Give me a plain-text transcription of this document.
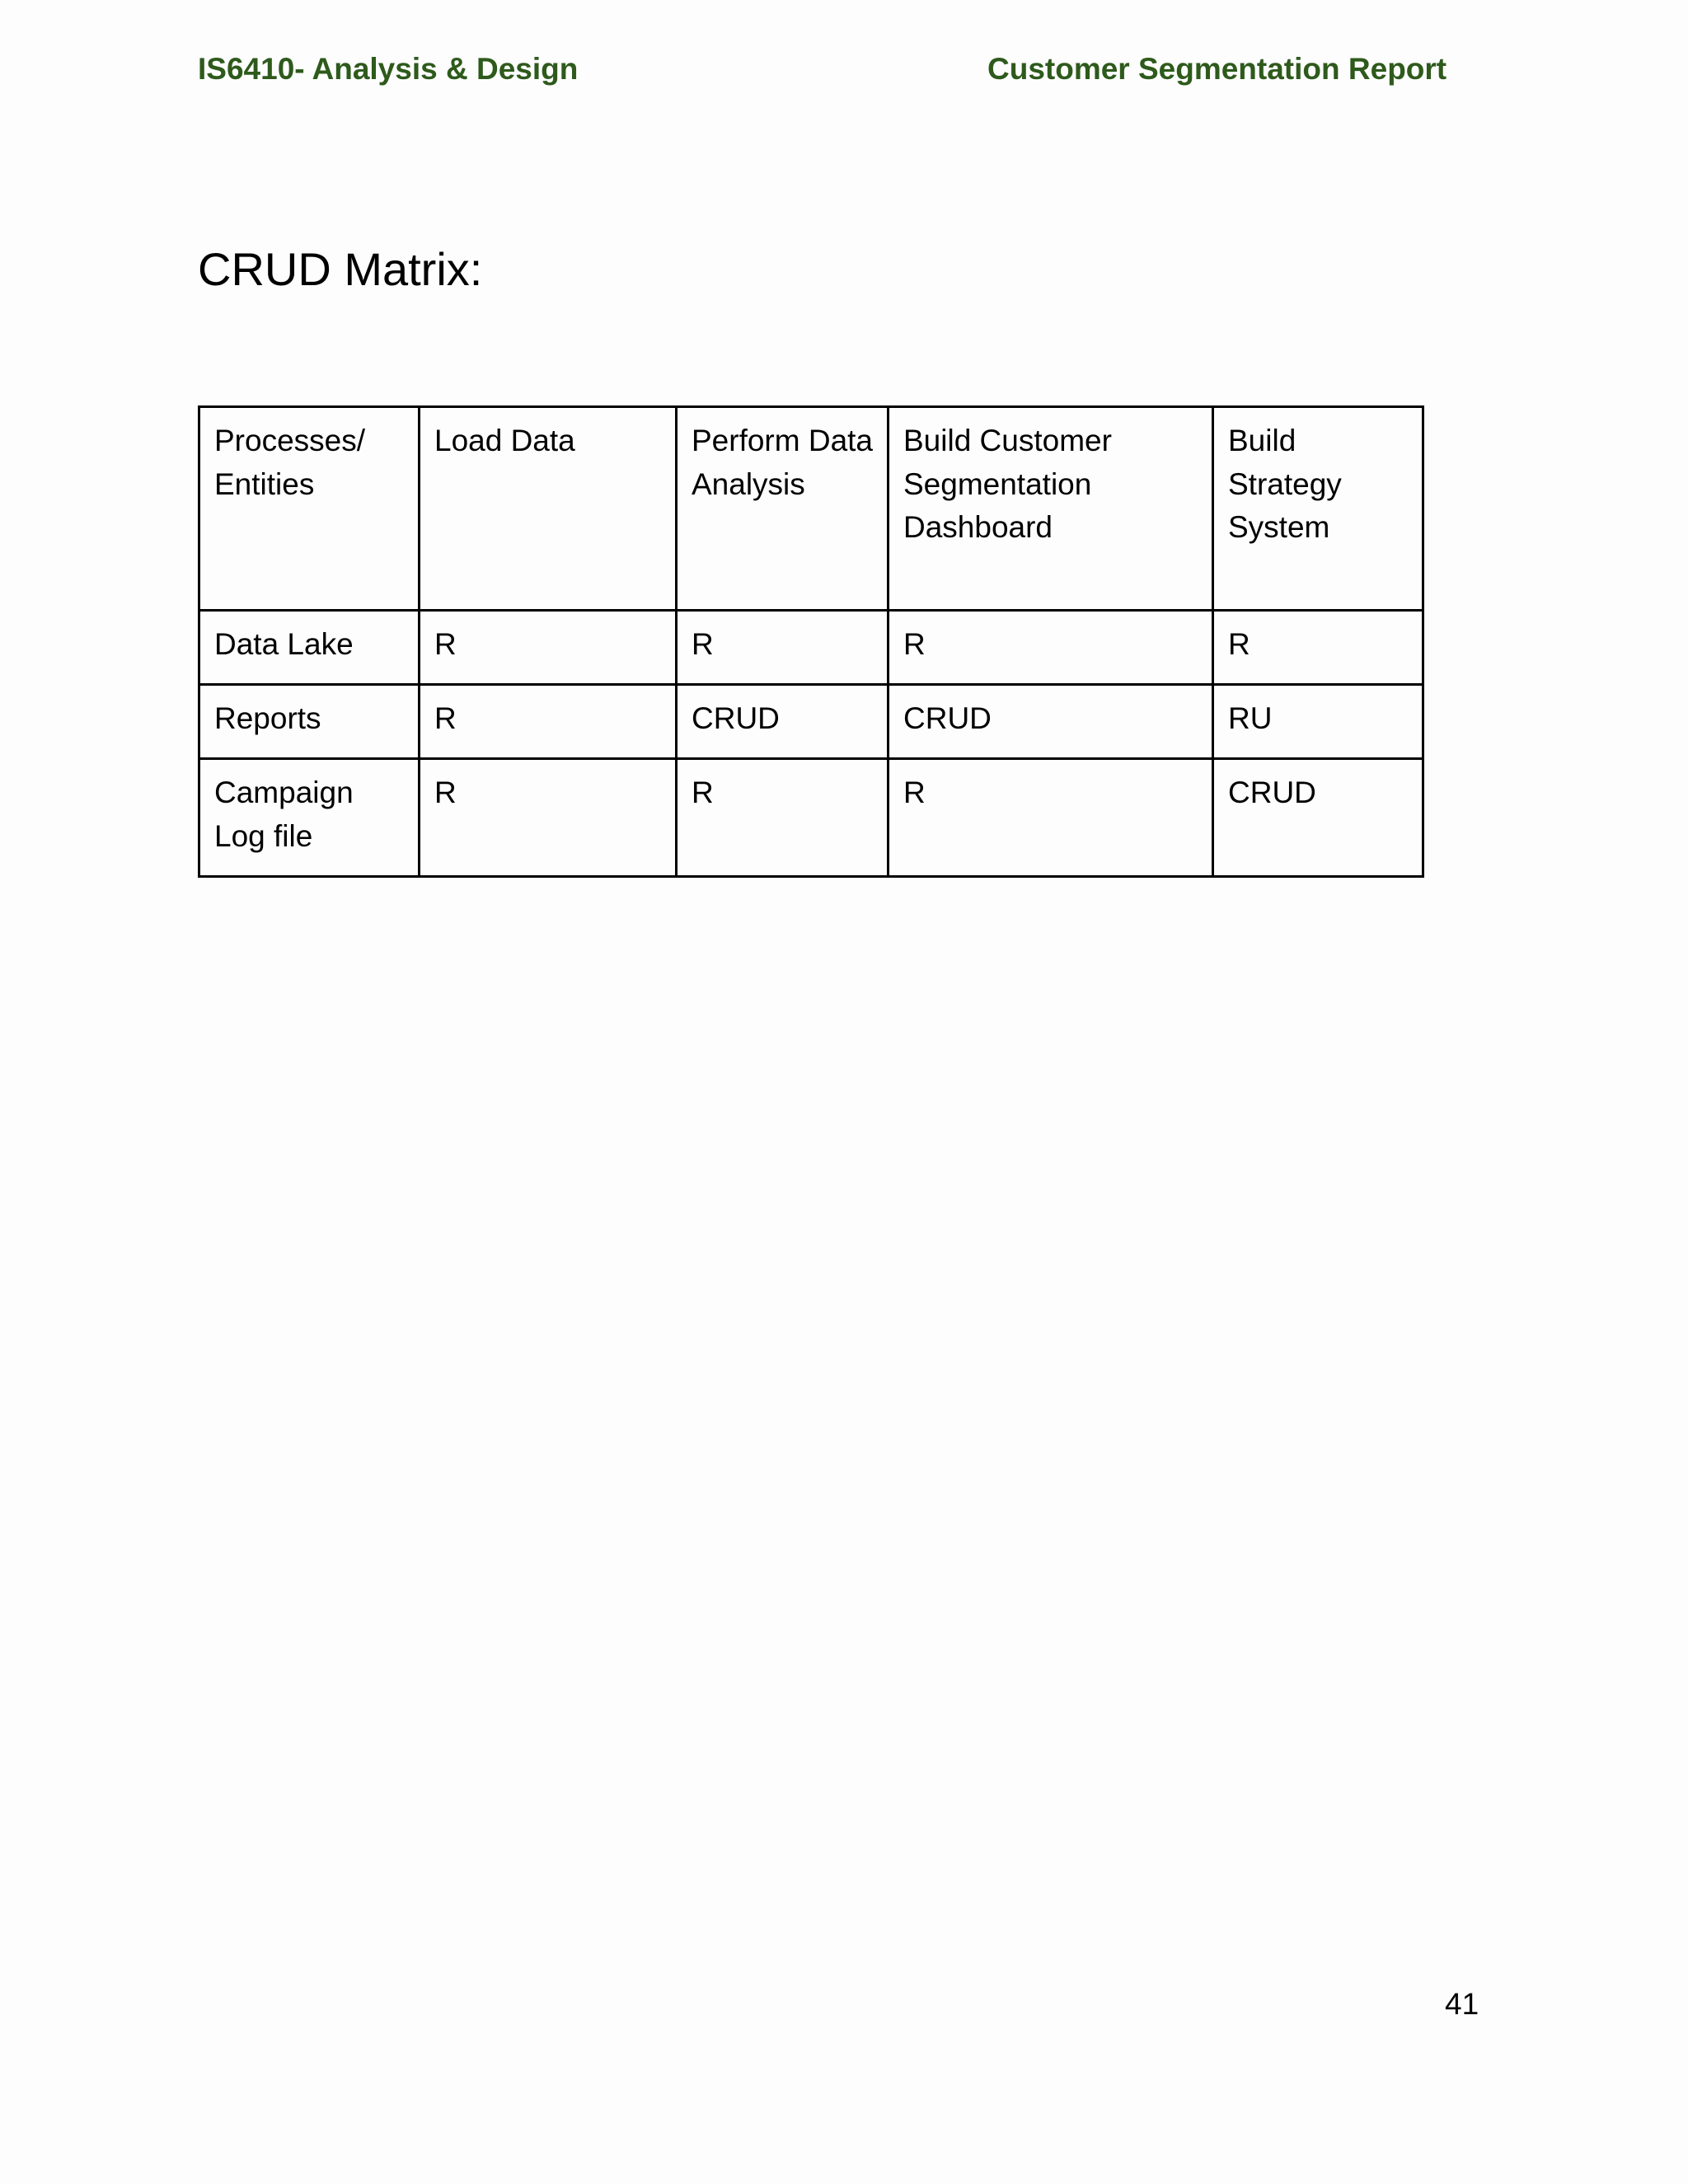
IS6410- Analysis & Design	Customer Segmentation Report
CRUD Matrix:
Processes/ Entities	Load Data	Perform Data Analysis	Build Customer Segmentation Dashboard	Build Strategy System
Data Lake	R	R	R	R
Reports	R	CRUD	CRUD	RU
Campaign Log file	R	R	R	CRUD
41
